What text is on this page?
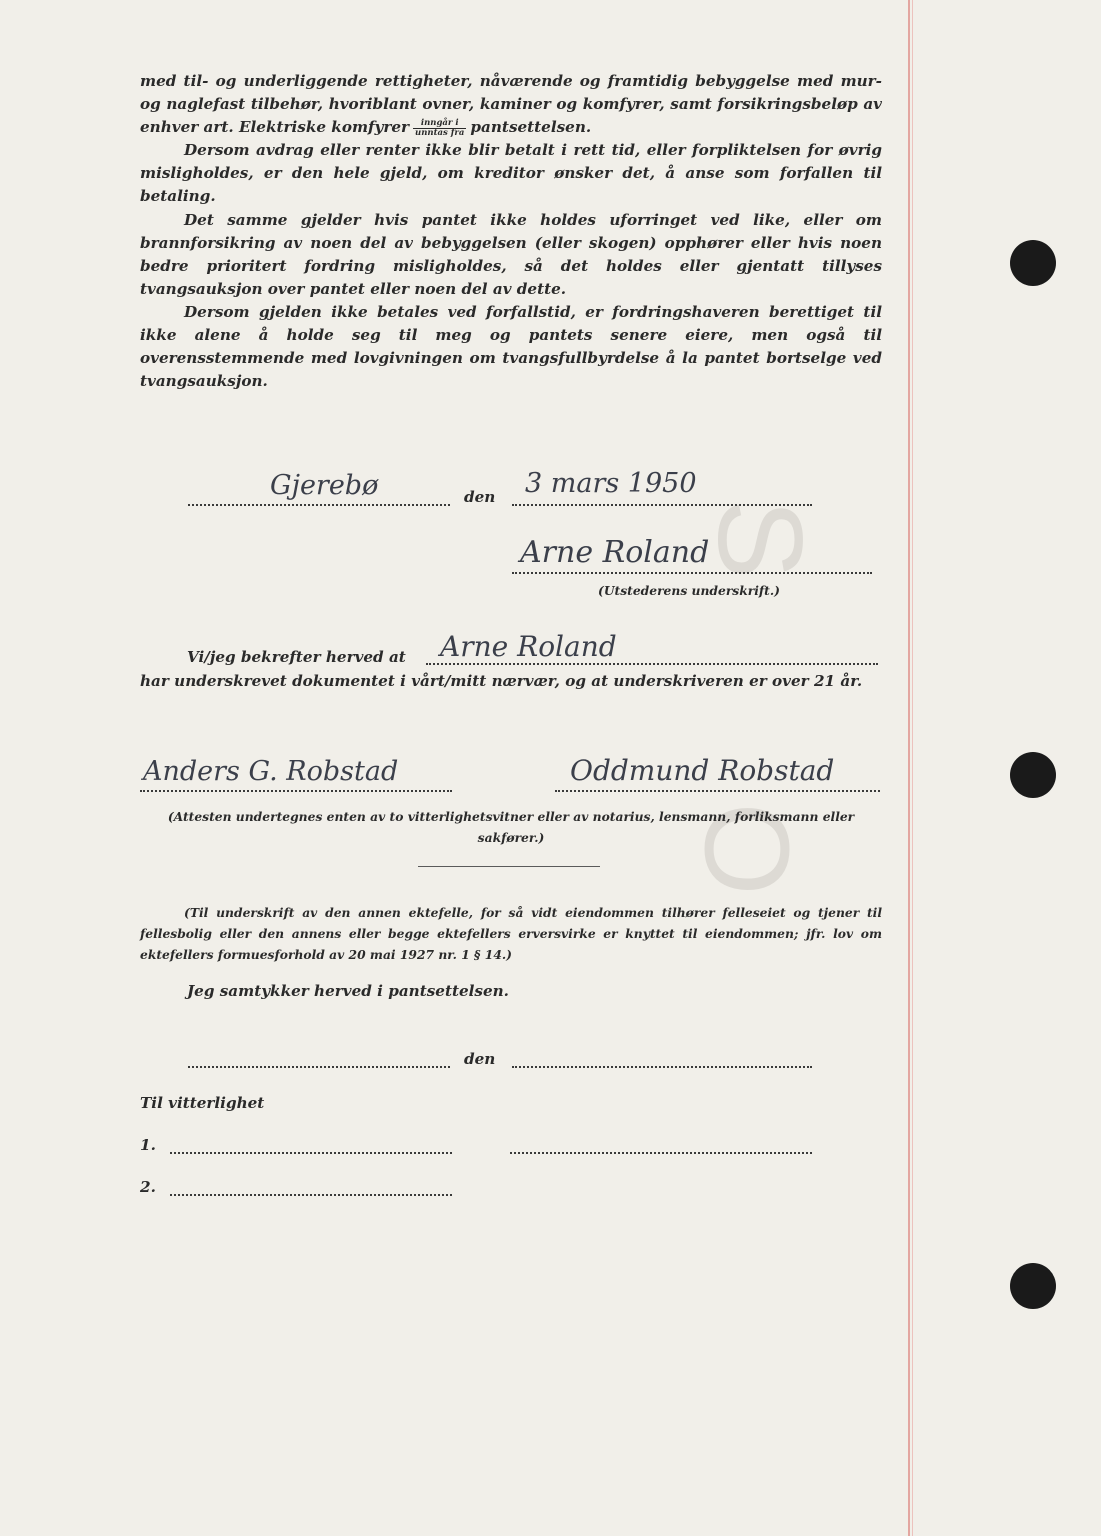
S
O

med til- og underliggende rettigheter, nåværende og framtidig bebyggelse med mur- og naglefast tilbehør, hvoriblant ovner, kaminer og komfyrer, samt forsikringsbeløp av enhver art. Elektriske komfyrer $\frac{\text{inngår i}}{\text{unntas fra}}$ pantsettelsen.

Dersom avdrag eller renter ikke blir betalt i rett tid, eller forpliktelsen for øvrig misligholdes, er den hele gjeld, om kreditor ønsker det, å anse som forfallen til betaling.

Det samme gjelder hvis pantet ikke holdes uforringet ved like, eller om brannforsikring av noen del av bebyggelsen (eller skogen) opphører eller hvis noen bedre prioritert fordring misligholdes, så det holdes eller gjentatt tillyses tvangsauksjon over pantet eller noen del av dette.

Dersom gjelden ikke betales ved forfallstid, er fordringshaveren berettiget til ikke alene å holde seg til meg og pantets senere eiere, men også til overensstemmende med lovgivningen om tvangsfullbyrdelse å la pantet bortselge ved tvangsauksjon.

Gjerebø	den 3 mars 1950
Arne Roland
(Utstederens underskrift.)
Vi/jeg bekrefter herved at Arne Roland
har underskrevet dokumentet i vårt/mitt nærvær, og at underskriveren er over 21 år.
Anders G. Robstad	Oddmund Robstad
(Attesten undertegnes enten av to vitterlighetsvitner eller av notarius, lensmann, forliksmann eller sakfører.)
(Til underskrift av den annen ektefelle, for så vidt eiendommen tilhører felleseiet og tjener til fellesbolig eller den annens eller begge ektefellers erversvirke er knyttet til eiendommen; jfr. lov om ektefellers formuesforhold av 20 mai 1927 nr. 1 § 14.)
Jeg samtykker herved i pantsettelsen.
den
Til vitterlighet
1.
2.
